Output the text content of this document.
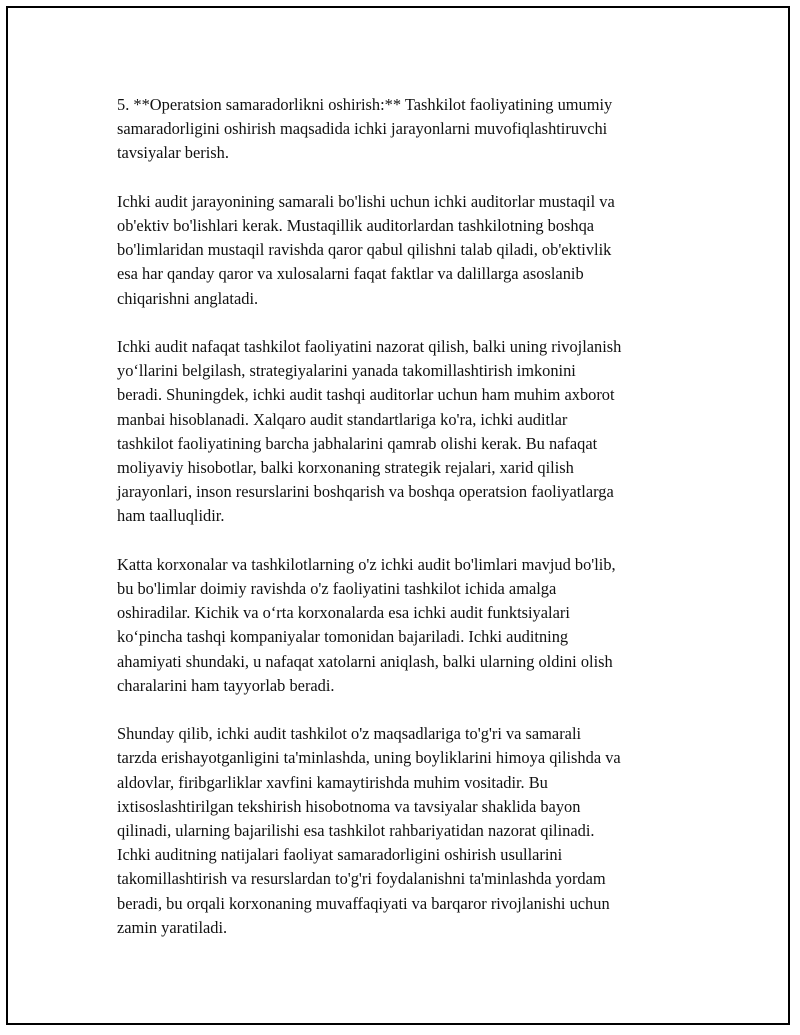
5. **Operatsion samaradorlikni oshirish:** Tashkilot faoliyatining umumiy
samaradorligini oshirish maqsadida ichki jarayonlarni muvofiqlashtiruvchi
tavsiyalar berish.

Ichki audit jarayonining samarali bo'lishi uchun ichki auditorlar mustaqil va
ob'ektiv bo'lishlari kerak. Mustaqillik auditorlardan tashkilotning boshqa
bo'limlaridan mustaqil ravishda qaror qabul qilishni talab qiladi, ob'ektivlik
esa har qanday qaror va xulosalarni faqat faktlar va dalillarga asoslanib
chiqarishni anglatadi.

Ichki audit nafaqat tashkilot faoliyatini nazorat qilish, balki uning rivojlanish
yo‘llarini belgilash, strategiyalarini yanada takomillashtirish imkonini
beradi. Shuningdek, ichki audit tashqi auditorlar uchun ham muhim axborot
manbai hisoblanadi. Xalqaro audit standartlariga ko'ra, ichki auditlar
tashkilot faoliyatining barcha jabhalarini qamrab olishi kerak. Bu nafaqat
moliyaviy hisobotlar, balki korxonaning strategik rejalari, xarid qilish
jarayonlari, inson resurslarini boshqarish va boshqa operatsion faoliyatlarga
ham taalluqlidir.

Katta korxonalar va tashkilotlarning o'z ichki audit bo'limlari mavjud bo'lib,
bu bo'limlar doimiy ravishda o'z faoliyatini tashkilot ichida amalga
oshiradilar. Kichik va o‘rta korxonalarda esa ichki audit funktsiyalari
ko‘pincha tashqi kompaniyalar tomonidan bajariladi. Ichki auditning
ahamiyati shundaki, u nafaqat xatolarni aniqlash, balki ularning oldini olish
charalarini ham tayyorlab beradi.

Shunday qilib, ichki audit tashkilot o'z maqsadlariga to'g'ri va samarali
tarzda erishayotganligini ta'minlashda, uning boyliklarini himoya qilishda va
aldovlar, firibgarliklar xavfini kamaytirishda muhim vositadir. Bu
ixtisoslashtirilgan tekshirish hisobotnoma va tavsiyalar shaklida bayon
qilinadi, ularning bajarilishi esa tashkilot rahbariyatidan nazorat qilinadi.
Ichki auditning natijalari faoliyat samaradorligini oshirish usullarini
takomillashtirish va resurslardan to'g'ri foydalanishni ta'minlashda yordam
beradi, bu orqali korxonaning muvaffaqiyati va barqaror rivojlanishi uchun
zamin yaratiladi.
